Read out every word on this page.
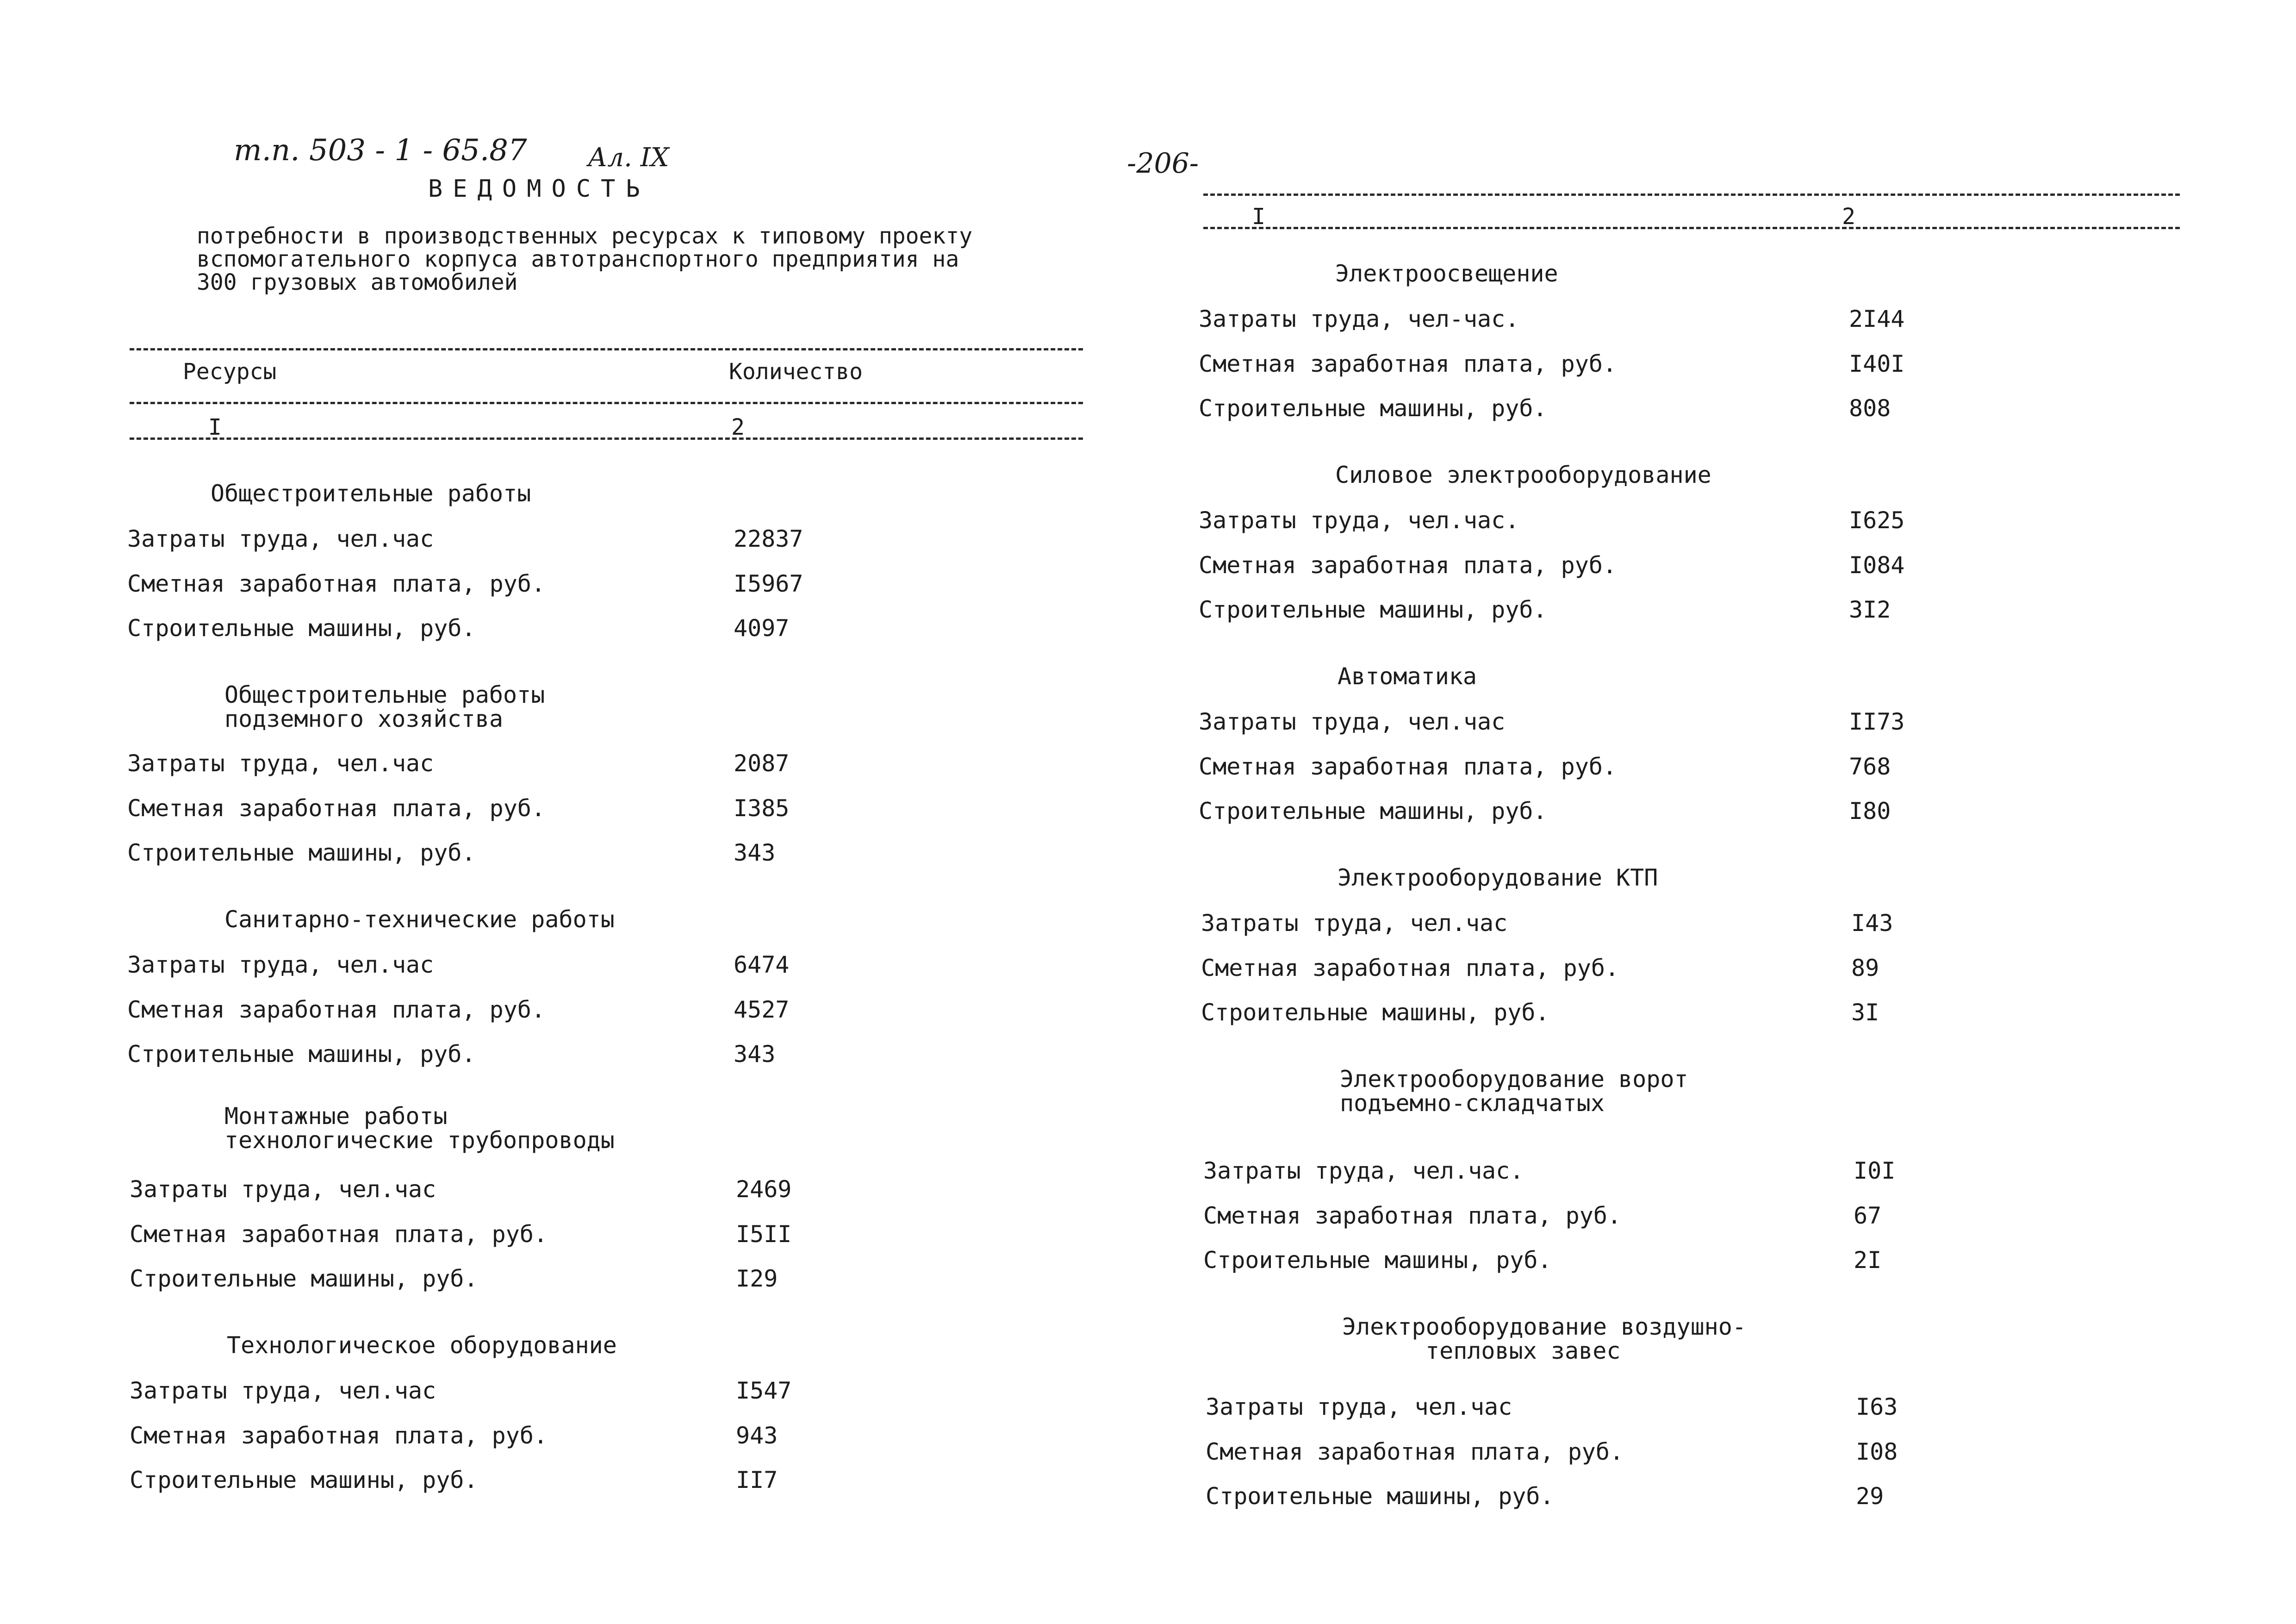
т.п. 503 - 1 - 65.87 Ал. IX	-206-
ВЕДОМОСТЬ
потребности в производственных ресурсах к типовому проекту
вспомогательного корпуса автотранспортного предприятия на
300 грузовых автомобилей
Ресурсы	Количество
I	2
I	2
Общестроительные работы
Затраты труда, чел.час	22837
Сметная заработная плата, руб.	I5967
Строительные машины, руб.	4097
Общестроительные работы
подземного хозяйства
Затраты труда, чел.час	2087
Сметная заработная плата, руб.	I385
Строительные машины, руб.	343
Санитарно-технические работы
Затраты труда, чел.час	6474
Сметная заработная плата, руб.	4527
Строительные машины, руб.	343
Монтажные работы
технологические трубопроводы
Затраты труда, чел.час	2469
Сметная заработная плата, руб.	I5II
Строительные машины, руб.	I29
Технологическое оборудование
Затраты труда, чел.час	I547
Сметная заработная плата, руб.	943
Строительные машины, руб.	II7
Электроосвещение
Затраты труда, чел-час.	2I44
Сметная заработная плата, руб.	I40I
Строительные машины, руб.	808
Силовое электрооборудование
Затраты труда, чел.час.	I625
Сметная заработная плата, руб.	I084
Строительные машины, руб.	3I2
Автоматика
Затраты труда, чел.час	II73
Сметная заработная плата, руб.	768
Строительные машины, руб.	I80
Электрооборудование КТП
Затраты труда, чел.час	I43
Сметная заработная плата, руб.	89
Строительные машины, руб.	3I
Электрооборудование ворот
подъемно-складчатых
Затраты труда, чел.час.	I0I
Сметная заработная плата, руб.	67
Строительные машины, руб.	2I
Электрооборудование воздушно-
тепловых завес
Затраты труда, чел.час	I63
Сметная заработная плата, руб.	I08
Строительные машины, руб.	29
